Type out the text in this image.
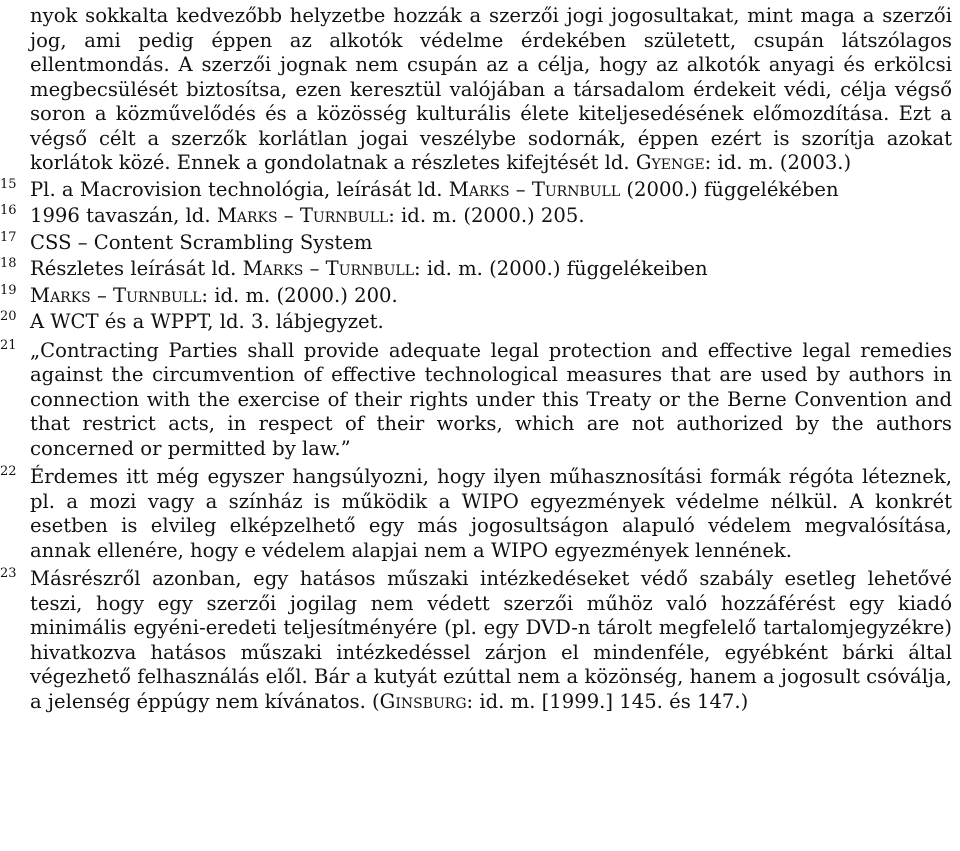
nyok sokkalta kedvezőbb helyzetbe hozzák a szerzői jogi jogosultakat, mint maga a szerzői jog, ami pedig éppen az alkotók védelme érdekében született, csupán látszólagos ellentmondás. A szerzői jognak nem csupán az a célja, hogy az alkotók anyagi és erkölcsi megbecsülését biztosítsa, ezen keresztül valójában a társadalom érdekeit védi, célja végső soron a közművelődés és a közösség kulturális élete kiteljesedésének előmozdítása. Ezt a végső célt a szerzők korlátlan jogai veszélybe sodornák, éppen ezért is szorítja azokat korlátok közé. Ennek a gondolatnak a részletes kifejtését ld. Gyenge: id. m. (2003.)

15 Pl. a Macrovision technológia, leírását ld. Marks – Turnbull (2000.) függelékében

16 1996 tavaszán, ld. Marks – Turnbull: id. m. (2000.) 205.

17 CSS – Content Scrambling System

18 Részletes leírását ld. Marks – Turnbull: id. m. (2000.) függelékeiben

19 Marks – Turnbull: id. m. (2000.) 200.

20 A WCT és a WPPT, ld. 3. lábjegyzet.

21 „Contracting Parties shall provide adequate legal protection and effective legal remedies against the circumvention of effective technological measures that are used by authors in connection with the exercise of their rights under this Treaty or the Berne Convention and that restrict acts, in respect of their works, which are not authorized by the authors concerned or permitted by law.”

22 Érdemes itt még egyszer hangsúlyozni, hogy ilyen műhasznosítási formák régóta léteznek, pl. a mozi vagy a színház is működik a WIPO egyezmények védelme nélkül. A konkrét esetben is elvileg elképzelhető egy más jogosultságon alapuló védelem megvalósítása, annak ellenére, hogy e védelem alapjai nem a WIPO egyezmények lennének.

23 Másrészről azonban, egy hatásos műszaki intézkedéseket védő szabály esetleg lehetővé teszi, hogy egy szerzői jogilag nem védett szerzői műhöz való hozzáférést egy kiadó minimális egyéni-eredeti teljesítményére (pl. egy DVD-n tárolt megfelelő tartalomjegyzékre) hivatkozva hatásos műszaki intézkedéssel zárjon el mindenféle, egyébként bárki által végezhető felhasználás elől. Bár a kutyát ezúttal nem a közönség, hanem a jogosult csóválja, a jelenség éppúgy nem kívánatos. (Ginsburg: id. m. [1999.] 145. és 147.)
